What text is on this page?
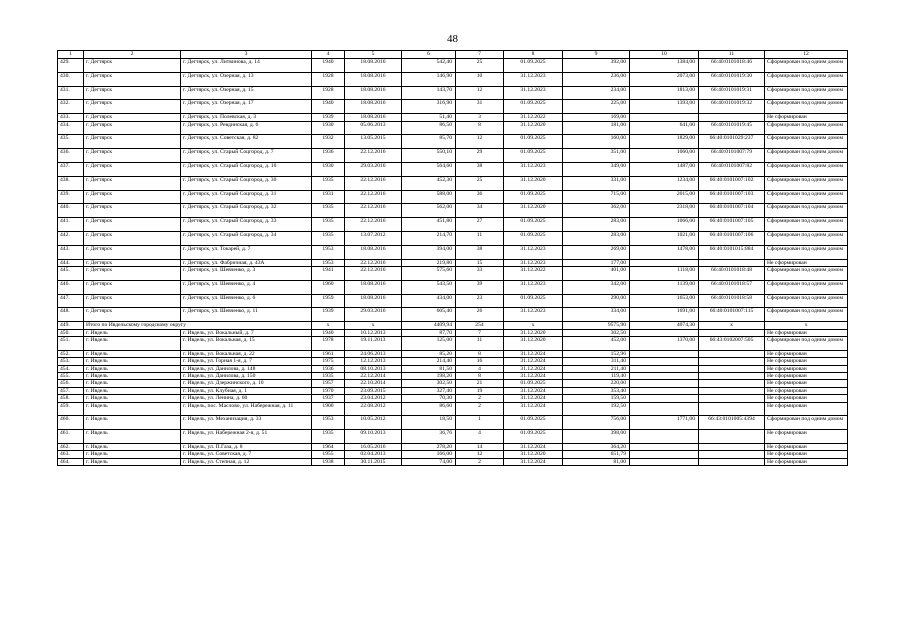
48
1	2	3	4	5	6	7	8	9	10	11	12
429.	г. Дегтярск	г. Дегтярск, ул. Литвинова, д. 14	1940	18.08.2016	542,40	25	01.09.2025	392,00	1384,00	66:40:0101018:46	Сформирован под одним домом
430.	г. Дегтярск	г. Дегтярск, ул. Озерная, д. 13	1928	18.08.2016	146,90	10	31.12.2023	236,00	2073,00	66:40:0101019:30	Сформирован под одним домом
431.	г. Дегтярск	г. Дегтярск, ул. Озерная, д. 15	1928	18.08.2016	143,70	12	31.12.2023	234,00	1813,00	66:40:0101019:31	Сформирован под одним домом
432.	г. Дегтярск	г. Дегтярск, ул. Озерная, д. 17	1940	18.08.2016	316,90	31	01.09.2025	225,00	1393,00	66:40:0101019:32	Сформирован под одним домом
433.	г. Дегтярск	г. Дегтярск, ул. Полевская, д. 3	1939	18.08.2016	51,40	3	31.12.2022	169,00			Не сформирован
434.	г. Дегтярск	г. Дегтярск, ул. Ревдинская, д. 6	1930	05.06.2013	86,50	8	31.12.2020	181,00	641,00	66:40:0101019:45	Сформирован под одним домом
435.	г. Дегтярск	г. Дегтярск, ул. Советская, д. 82	1932	13.05.2015	85,70	12	01.09.2025	160,00	1829,00	66:40:0101029:237	Сформирован под одним домом
436.	г. Дегтярск	г. Дегтярск, ул. Старый Соцгород, д. 7	1936	22.12.2016	550,10	29	01.09.2025	351,00	1060,00	66:40:0101007:79	Сформирован под одним домом
437.	г. Дегтярск	г. Дегтярск, ул. Старый Соцгород, д. 10	1930	29.03.2016	564,60	38	31.12.2023	349,00	1487,00	66:40:0101007:82	Сформирован под одним домом
438.	г. Дегтярск	г. Дегтярск, ул. Старый Соцгород, д. 30	1935	22.12.2016	452,30	25	31.12.2020	331,00	1234,00	66:40:0101007:102	Сформирован под одним домом
439.	г. Дегтярск	г. Дегтярск, ул. Старый Соцгород, д. 31	1931	22.12.2016	588,00	36	01.09.2025	715,00	2015,00	66:40:0101007:103	Сформирован под одним домом
440.	г. Дегтярск	г. Дегтярск, ул. Старый Соцгород, д. 32	1935	22.12.2016	562,00	34	31.12.2020	362,00	2318,00	66:40:0101007:104	Сформирован под одним домом
441.	г. Дегтярск	г. Дегтярск, ул. Старый Соцгород, д. 33	1935	22.12.2016	451,80	27	01.09.2025	283,00	1066,00	66:40:0101007:105	Сформирован под одним домом
442.	г. Дегтярск	г. Дегтярск, ул. Старый Соцгород, д. 34	1935	13.07.2012	214,70	11	01.09.2025	283,00	1021,00	66:40:0101007:106	Сформирован под одним домом
443.	г. Дегтярск	г. Дегтярск, ул. Токарей, д. 7	1953	18.08.2016	394,00	38	31.12.2023	269,00	1478,00	66:40:0101015:884	Сформирован под одним домом
444.	г. Дегтярск	г. Дегтярск, ул. Фабричная, д. 43А	1953	22.12.2016	219,80	15	31.12.2023	177,00			Не сформирован
445.	г. Дегтярск	г. Дегтярск, ул. Шевченко, д. 3	1941	22.12.2016	575,60	33	31.12.2022	401,00	1118,00	66:40:0101018:48	Сформирован под одним домом
446.	г. Дегтярск	г. Дегтярск, ул. Шевченко, д. 4	1960	18.08.2016	543,50	39	31.12.2023	342,00	1139,00	66:40:0101018:57	Сформирован под одним домом
447.	г. Дегтярск	г. Дегтярск, ул. Шевченко, д. 6	1959	18.08.2016	434,00	23	01.09.2025	290,00	1653,00	66:40:0101018:58	Сформирован под одним домом
448.	г. Дегтярск	г. Дегтярск, ул. Шевченко, д. 11	1939	29.03.2016	605,40	26	31.12.2023	334,00	1691,00	66:40:0101007:115	Сформирован под одним домом
449.	Итого по Ивдельскому городскому округу		x	x	4409,94	254	x	9575,90	4074,30	x	x
450.	г. Ивдель	г. Ивдель, ул. Вокальный, д. 7	1940	10.12.2013	87,70	7	31.12.2020	302,50			Не сформирован
451.	г. Ивдель	г. Ивдель, ул. Вокальная, д. 15	1978	19.11.2013	125,00	11	31.12.2020	452,00	1370,00	66:43:0102007:505	Сформирован под одним домом
452.	г. Ивдель	г. Ивдель, ул. Вокальная, д. 22	1961	24.06.2013	85,20	8	31.12.2024	152,96			Не сформирован
453.	г. Ивдель	г. Ивдель, ул. Горная 1-я, д. 7	1975	12.12.2013	214,40	16	31.12.2024	311,40			Не сформирован
454.	г. Ивдель	г. Ивдель, ул. Данилова, д. 148	1936	08.10.2013	81,50	4	31.12.2024	211,40			Не сформирован
455.	г. Ивдель	г. Ивдель, ул. Данилова, д. 150	1935	22.12.2014	198,20	8	31.12.2024	119,40			Не сформирован
456.	г. Ивдель	г. Ивдель, ул. Дзержинского, д. 10	1957	22.10.2014	302,50	21	01.09.2025	220,00			Не сформирован
457.	г. Ивдель	г. Ивдель, ул. Клубная, д. 1	1970	23.09.2015	327,40	19	31.12.2024	353,40			Не сформирован
458.	г. Ивдель	г. Ивдель, ул. Ленина, д. 60	1937	23.04.2012	70,30	2	31.12.2024	159,50			Не сформирован
459.	г. Ивдель	г. Ивдель, пос. Маслово, ул. Набережная, д. 11	1900	22.08.2012	86,60	2	31.12.2024	192,50			Не сформирован
460.	г. Ивдель	г. Ивдель, ул. Механизация, д. 33	1953	10.05.2012	18,50	1	01.09.2025	756,00	1771,00	66:43:0101005:4394	Сформирован под одним домом
461.	г. Ивдель	г. Ивдель, ул. Набережная 2-я, д. 51	1935	09.10.2013	36,76	4	01.09.2025	398,00			Не сформирован
462.	г. Ивдель	г. Ивдель, ул. П.Газа, д. 8	1964	16.05.2016	278,20	14	31.12.2024	364,20			Не сформирован
463.	г. Ивдель	г. Ивдель, ул. Советская, д. 7	1955	02.04.2013	166,00	12	31.12.2020	651,79			Не сформирован
464.	г. Ивдель	г. Ивдель, ул. Степная, д. 12	1938	30.11.2015	74,00	2	31.12.2024	81,00			Не сформирован
